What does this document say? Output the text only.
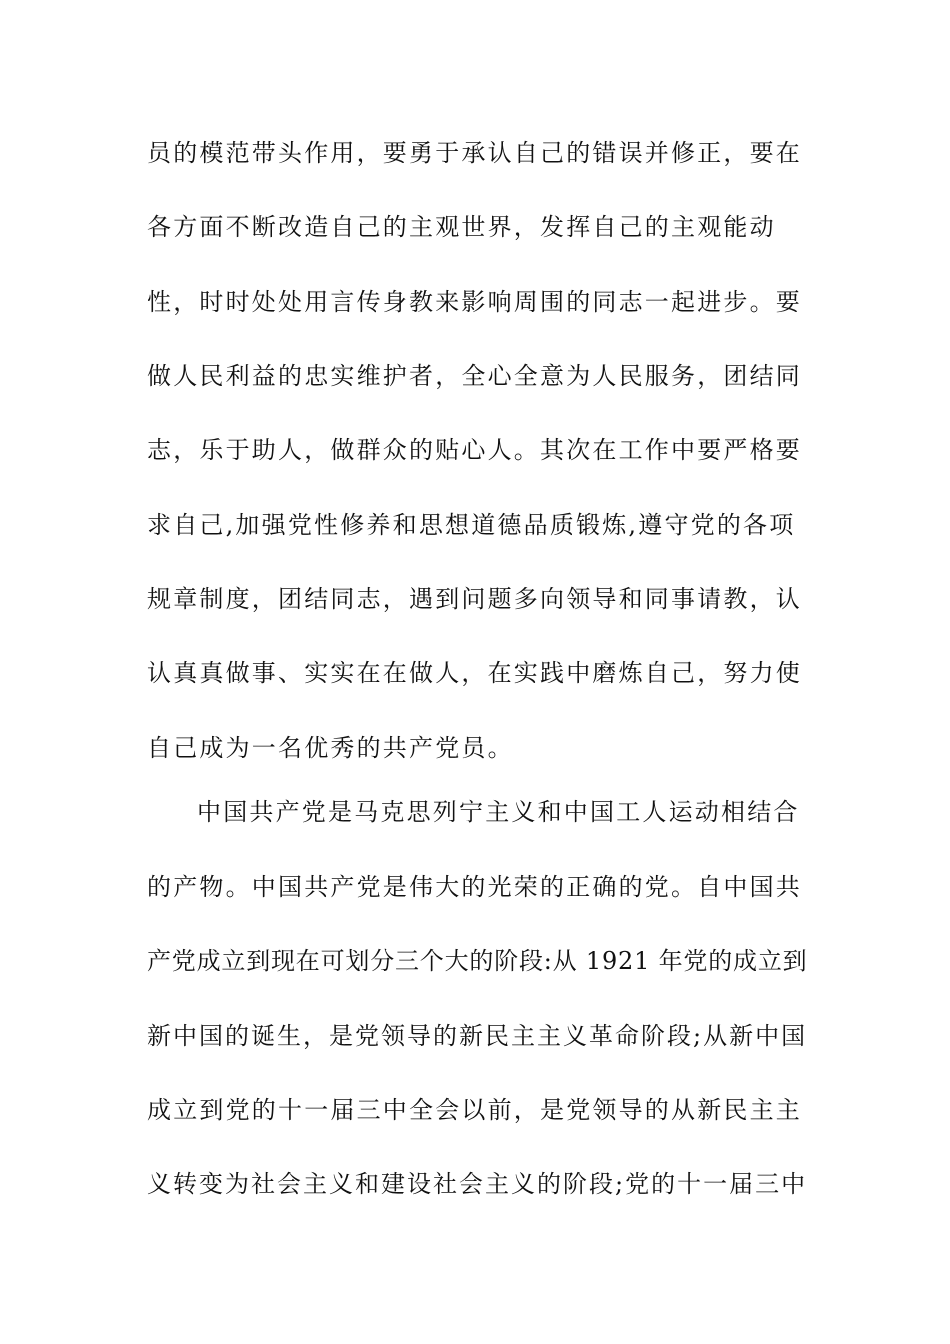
员的模范带头作用，要勇于承认自己的错误并修正，要在

各方面不断改造自己的主观世界，发挥自己的主观能动

性，时时处处用言传身教来影响周围的同志一起进步。要

做人民利益的忠实维护者，全心全意为人民服务，团结同

志，乐于助人，做群众的贴心人。其次在工作中要严格要

求自己,加强党性修养和思想道德品质锻炼,遵守党的各项

规章制度，团结同志，遇到问题多向领导和同事请教，认

认真真做事、实实在在做人，在实践中磨炼自己，努力使

自己成为一名优秀的共产党员。

中国共产党是马克思列宁主义和中国工人运动相结合

的产物。中国共产党是伟大的光荣的正确的党。自中国共

产党成立到现在可划分三个大的阶段:从 1921 年党的成立到

新中国的诞生，是党领导的新民主主义革命阶段;从新中国

成立到党的十一届三中全会以前，是党领导的从新民主主

义转变为社会主义和建设社会主义的阶段;党的十一届三中
